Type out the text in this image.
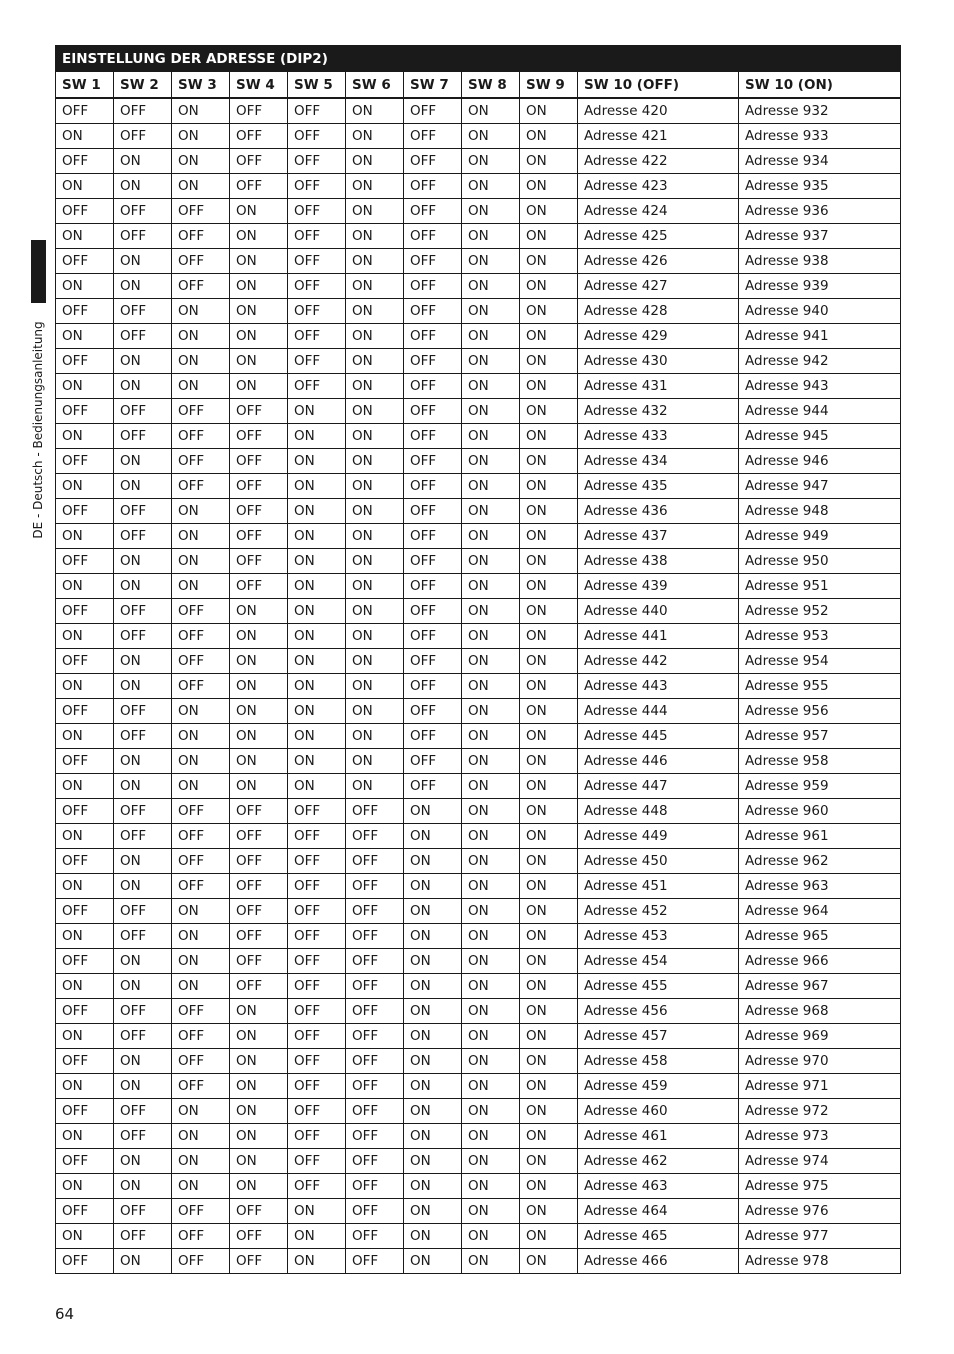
DE - Deutsch - Bedienungsanleitung
EINSTELLUNG DER ADRESSE (DIP2)										
SW 1	SW 2	SW 3	SW 4	SW 5	SW 6	SW 7	SW 8	SW 9	SW 10 (OFF)	SW 10 (ON)
OFF	OFF	ON	OFF	OFF	ON	OFF	ON	ON	Adresse 420	Adresse 932
ON	OFF	ON	OFF	OFF	ON	OFF	ON	ON	Adresse 421	Adresse 933
OFF	ON	ON	OFF	OFF	ON	OFF	ON	ON	Adresse 422	Adresse 934
ON	ON	ON	OFF	OFF	ON	OFF	ON	ON	Adresse 423	Adresse 935
OFF	OFF	OFF	ON	OFF	ON	OFF	ON	ON	Adresse 424	Adresse 936
ON	OFF	OFF	ON	OFF	ON	OFF	ON	ON	Adresse 425	Adresse 937
OFF	ON	OFF	ON	OFF	ON	OFF	ON	ON	Adresse 426	Adresse 938
ON	ON	OFF	ON	OFF	ON	OFF	ON	ON	Adresse 427	Adresse 939
OFF	OFF	ON	ON	OFF	ON	OFF	ON	ON	Adresse 428	Adresse 940
ON	OFF	ON	ON	OFF	ON	OFF	ON	ON	Adresse 429	Adresse 941
OFF	ON	ON	ON	OFF	ON	OFF	ON	ON	Adresse 430	Adresse 942
ON	ON	ON	ON	OFF	ON	OFF	ON	ON	Adresse 431	Adresse 943
OFF	OFF	OFF	OFF	ON	ON	OFF	ON	ON	Adresse 432	Adresse 944
ON	OFF	OFF	OFF	ON	ON	OFF	ON	ON	Adresse 433	Adresse 945
OFF	ON	OFF	OFF	ON	ON	OFF	ON	ON	Adresse 434	Adresse 946
ON	ON	OFF	OFF	ON	ON	OFF	ON	ON	Adresse 435	Adresse 947
OFF	OFF	ON	OFF	ON	ON	OFF	ON	ON	Adresse 436	Adresse 948
ON	OFF	ON	OFF	ON	ON	OFF	ON	ON	Adresse 437	Adresse 949
OFF	ON	ON	OFF	ON	ON	OFF	ON	ON	Adresse 438	Adresse 950
ON	ON	ON	OFF	ON	ON	OFF	ON	ON	Adresse 439	Adresse 951
OFF	OFF	OFF	ON	ON	ON	OFF	ON	ON	Adresse 440	Adresse 952
ON	OFF	OFF	ON	ON	ON	OFF	ON	ON	Adresse 441	Adresse 953
OFF	ON	OFF	ON	ON	ON	OFF	ON	ON	Adresse 442	Adresse 954
ON	ON	OFF	ON	ON	ON	OFF	ON	ON	Adresse 443	Adresse 955
OFF	OFF	ON	ON	ON	ON	OFF	ON	ON	Adresse 444	Adresse 956
ON	OFF	ON	ON	ON	ON	OFF	ON	ON	Adresse 445	Adresse 957
OFF	ON	ON	ON	ON	ON	OFF	ON	ON	Adresse 446	Adresse 958
ON	ON	ON	ON	ON	ON	OFF	ON	ON	Adresse 447	Adresse 959
OFF	OFF	OFF	OFF	OFF	OFF	ON	ON	ON	Adresse 448	Adresse 960
ON	OFF	OFF	OFF	OFF	OFF	ON	ON	ON	Adresse 449	Adresse 961
OFF	ON	OFF	OFF	OFF	OFF	ON	ON	ON	Adresse 450	Adresse 962
ON	ON	OFF	OFF	OFF	OFF	ON	ON	ON	Adresse 451	Adresse 963
OFF	OFF	ON	OFF	OFF	OFF	ON	ON	ON	Adresse 452	Adresse 964
ON	OFF	ON	OFF	OFF	OFF	ON	ON	ON	Adresse 453	Adresse 965
OFF	ON	ON	OFF	OFF	OFF	ON	ON	ON	Adresse 454	Adresse 966
ON	ON	ON	OFF	OFF	OFF	ON	ON	ON	Adresse 455	Adresse 967
OFF	OFF	OFF	ON	OFF	OFF	ON	ON	ON	Adresse 456	Adresse 968
ON	OFF	OFF	ON	OFF	OFF	ON	ON	ON	Adresse 457	Adresse 969
OFF	ON	OFF	ON	OFF	OFF	ON	ON	ON	Adresse 458	Adresse 970
ON	ON	OFF	ON	OFF	OFF	ON	ON	ON	Adresse 459	Adresse 971
OFF	OFF	ON	ON	OFF	OFF	ON	ON	ON	Adresse 460	Adresse 972
ON	OFF	ON	ON	OFF	OFF	ON	ON	ON	Adresse 461	Adresse 973
OFF	ON	ON	ON	OFF	OFF	ON	ON	ON	Adresse 462	Adresse 974
ON	ON	ON	ON	OFF	OFF	ON	ON	ON	Adresse 463	Adresse 975
OFF	OFF	OFF	OFF	ON	OFF	ON	ON	ON	Adresse 464	Adresse 976
ON	OFF	OFF	OFF	ON	OFF	ON	ON	ON	Adresse 465	Adresse 977
OFF	ON	OFF	OFF	ON	OFF	ON	ON	ON	Adresse 466	Adresse 978
64
